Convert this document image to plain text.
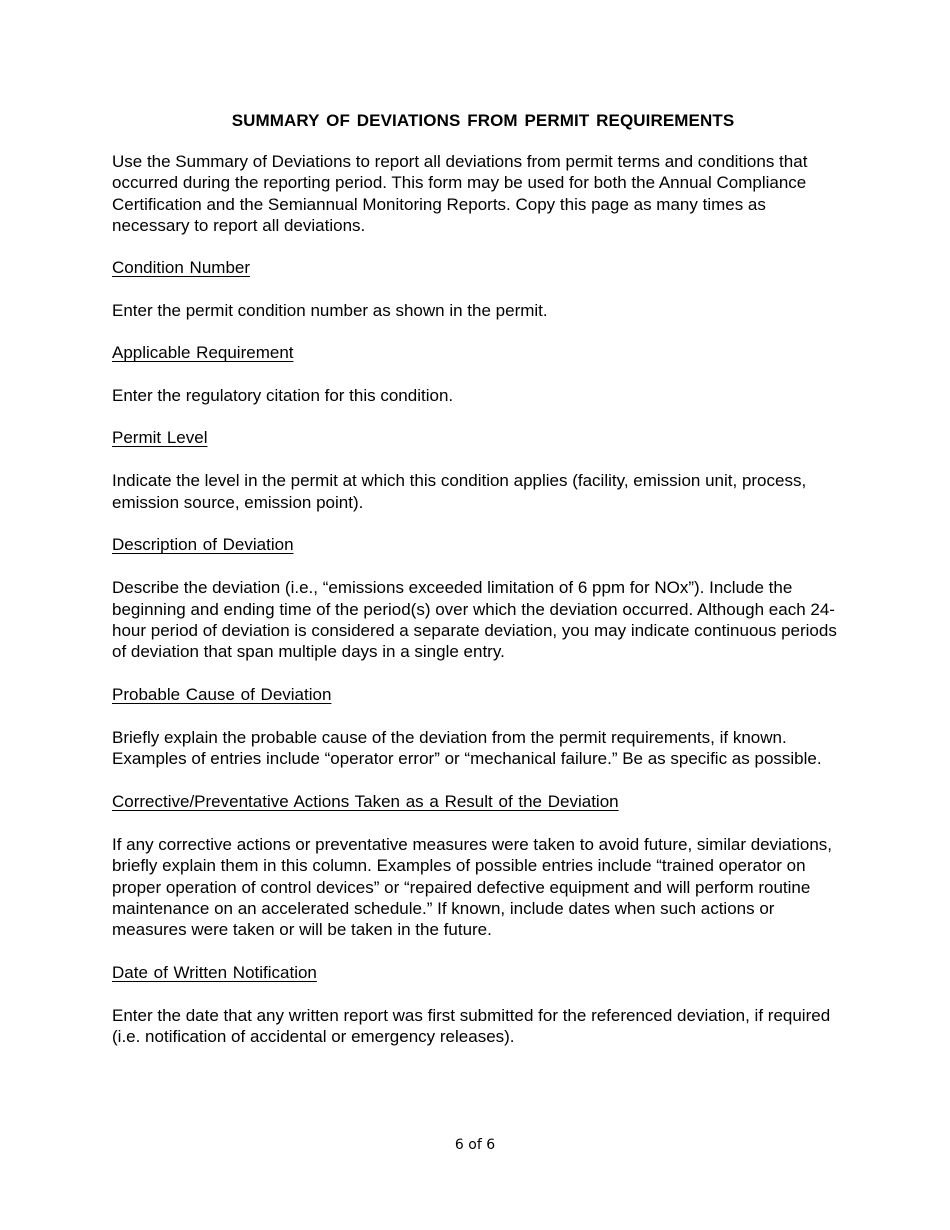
SUMMARY OF DEVIATIONS FROM PERMIT REQUIREMENTS

Use the Summary of Deviations to report all deviations from permit terms and conditions that occurred during the reporting period. This form may be used for both the Annual Compliance Certification and the Semiannual Monitoring Reports. Copy this page as many times as necessary to report all deviations.

Condition Number

Enter the permit condition number as shown in the permit.

Applicable Requirement

Enter the regulatory citation for this condition.

Permit Level

Indicate the level in the permit at which this condition applies (facility, emission unit, process, emission source, emission point).

Description of Deviation

Describe the deviation (i.e., “emissions exceeded limitation of 6 ppm for NOx”). Include the beginning and ending time of the period(s) over which the deviation occurred. Although each 24-hour period of deviation is considered a separate deviation, you may indicate continuous periods of deviation that span multiple days in a single entry.

Probable Cause of Deviation

Briefly explain the probable cause of the deviation from the permit requirements, if known. Examples of entries include “operator error” or “mechanical failure.” Be as specific as possible.

Corrective/Preventative Actions Taken as a Result of the Deviation

If any corrective actions or preventative measures were taken to avoid future, similar deviations, briefly explain them in this column. Examples of possible entries include “trained operator on proper operation of control devices” or “repaired defective equipment and will perform routine maintenance on an accelerated schedule.” If known, include dates when such actions or measures were taken or will be taken in the future.

Date of Written Notification

Enter the date that any written report was first submitted for the referenced deviation, if required (i.e. notification of accidental or emergency releases).

6 of 6
